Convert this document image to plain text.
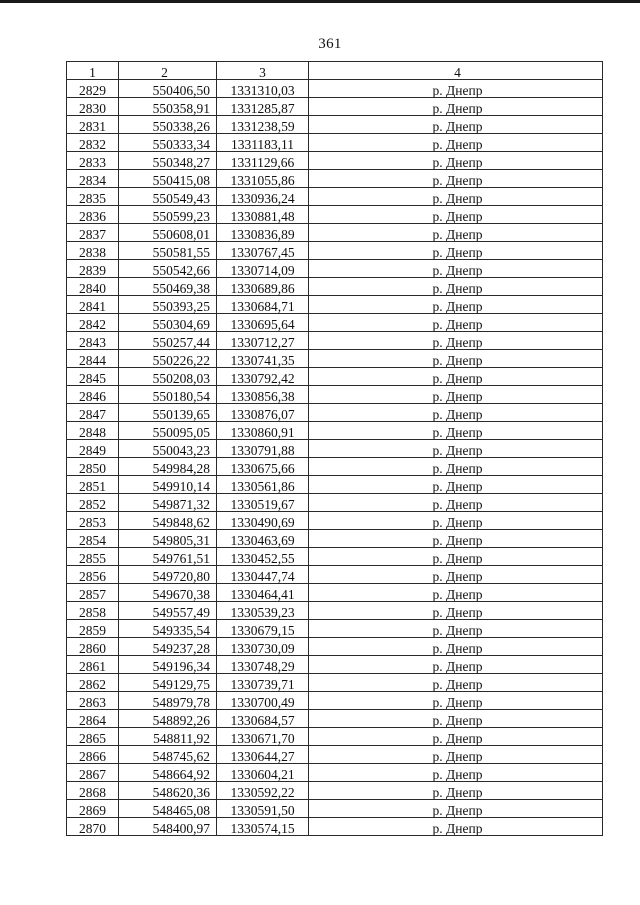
361
1	2	3	4
2829	550406,50	1331310,03	р. Днепр
2830	550358,91	1331285,87	р. Днепр
2831	550338,26	1331238,59	р. Днепр
2832	550333,34	1331183,11	р. Днепр
2833	550348,27	1331129,66	р. Днепр
2834	550415,08	1331055,86	р. Днепр
2835	550549,43	1330936,24	р. Днепр
2836	550599,23	1330881,48	р. Днепр
2837	550608,01	1330836,89	р. Днепр
2838	550581,55	1330767,45	р. Днепр
2839	550542,66	1330714,09	р. Днепр
2840	550469,38	1330689,86	р. Днепр
2841	550393,25	1330684,71	р. Днепр
2842	550304,69	1330695,64	р. Днепр
2843	550257,44	1330712,27	р. Днепр
2844	550226,22	1330741,35	р. Днепр
2845	550208,03	1330792,42	р. Днепр
2846	550180,54	1330856,38	р. Днепр
2847	550139,65	1330876,07	р. Днепр
2848	550095,05	1330860,91	р. Днепр
2849	550043,23	1330791,88	р. Днепр
2850	549984,28	1330675,66	р. Днепр
2851	549910,14	1330561,86	р. Днепр
2852	549871,32	1330519,67	р. Днепр
2853	549848,62	1330490,69	р. Днепр
2854	549805,31	1330463,69	р. Днепр
2855	549761,51	1330452,55	р. Днепр
2856	549720,80	1330447,74	р. Днепр
2857	549670,38	1330464,41	р. Днепр
2858	549557,49	1330539,23	р. Днепр
2859	549335,54	1330679,15	р. Днепр
2860	549237,28	1330730,09	р. Днепр
2861	549196,34	1330748,29	р. Днепр
2862	549129,75	1330739,71	р. Днепр
2863	548979,78	1330700,49	р. Днепр
2864	548892,26	1330684,57	р. Днепр
2865	548811,92	1330671,70	р. Днепр
2866	548745,62	1330644,27	р. Днепр
2867	548664,92	1330604,21	р. Днепр
2868	548620,36	1330592,22	р. Днепр
2869	548465,08	1330591,50	р. Днепр
2870	548400,97	1330574,15	р. Днепр
